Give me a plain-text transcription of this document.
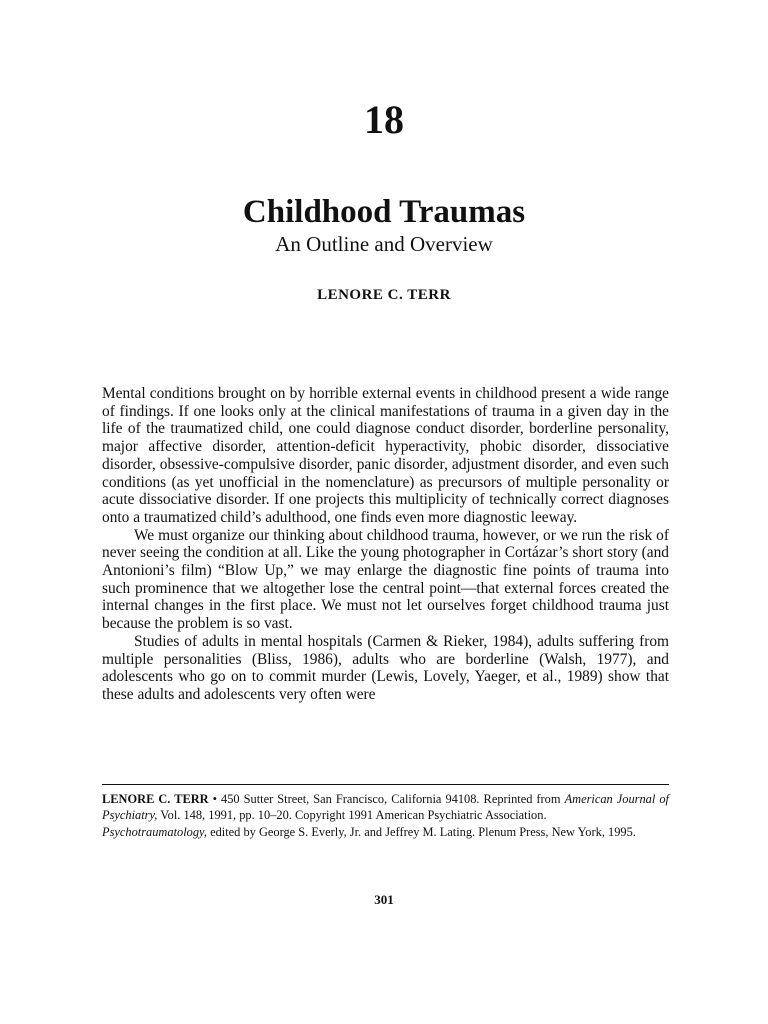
18
Childhood Traumas
An Outline and Overview
LENORE C. TERR

Mental conditions brought on by horrible external events in childhood present a wide range of findings. If one looks only at the clinical manifestations of trauma in a given day in the life of the traumatized child, one could diagnose conduct disorder, borderline personality, major affective disorder, attention-deficit hyperactivity, phobic disorder, dissociative disorder, obsessive-compulsive disorder, panic disorder, adjustment disorder, and even such conditions (as yet unofficial in the nomenclature) as precursors of multiple personality or acute dissociative disorder. If one projects this multiplicity of technically correct diagnoses onto a traumatized child’s adulthood, one finds even more diagnostic leeway.

We must organize our thinking about childhood trauma, however, or we run the risk of never seeing the condition at all. Like the young photographer in Cortázar’s short story (and Antonioni’s film) “Blow Up,” we may enlarge the diagnostic fine points of trauma into such prominence that we altogether lose the central point—that external forces created the internal changes in the first place. We must not let ourselves forget childhood trauma just because the problem is so vast.

Studies of adults in mental hospitals (Carmen & Rieker, 1984), adults suffering from multiple personalities (Bliss, 1986), adults who are borderline (Walsh, 1977), and adolescents who go on to commit murder (Lewis, Lovely, Yaeger, et al., 1989) show that these adults and adolescents very often were

LENORE C. TERR • 450 Sutter Street, San Francisco, California 94108. Reprinted from American Journal of Psychiatry, Vol. 148, 1991, pp. 10–20. Copyright 1991 American Psychiatric Association.

Psychotraumatology, edited by George S. Everly, Jr. and Jeffrey M. Lating. Plenum Press, New York, 1995.

301
